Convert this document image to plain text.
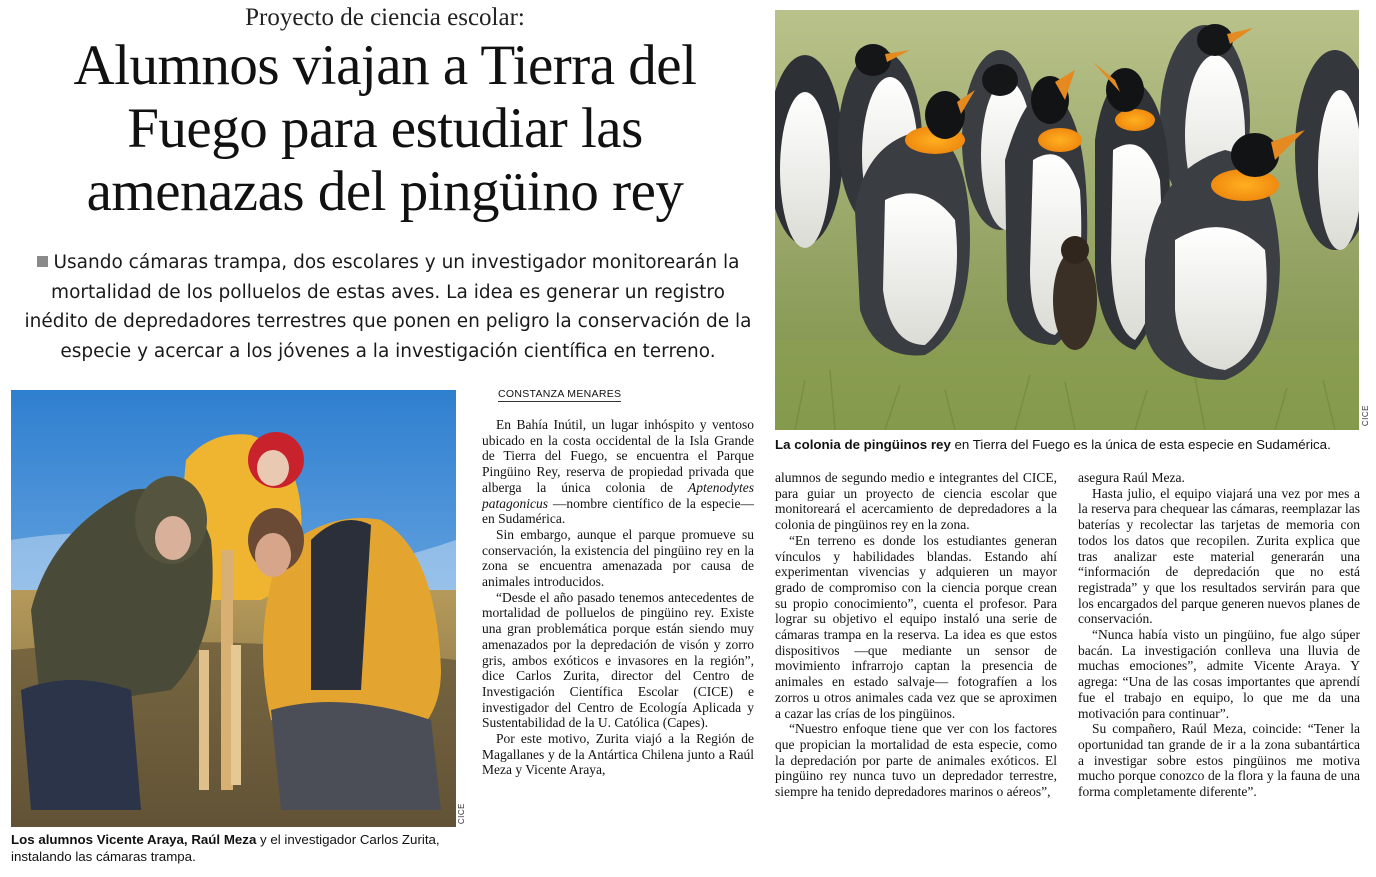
Proyecto de ciencia escolar:
Alumnos viajan a Tierra del Fuego para estudiar las amenazas del pingüino rey
Usando cámaras trampa, dos escolares y un investigador monitorearán la mortalidad de los polluelos de estas aves. La idea es generar un registro inédito de depredadores terrestres que ponen en peligro la conservación de la especie y acercar a los jóvenes a la investigación científica en terreno.
CICE
La colonia de pingüinos rey en Tierra del Fuego es la única de esta especie en Sudamérica.
CICE
Los alumnos Vicente Araya, Raúl Meza y el investigador Carlos Zurita, instalando las cámaras trampa.
CONSTANZA MENARES

En Bahía Inútil, un lugar inhóspito y ventoso ubicado en la costa occidental de la Isla Grande de Tierra del Fuego, se encuentra el Parque Pingüino Rey, reserva de propiedad privada que alberga la única colonia de Aptenodytes patagonicus —nombre científico de la especie— en Sudamérica.

Sin embargo, aunque el parque promueve su conservación, la existencia del pingüino rey en la zona se encuentra amenazada por causa de animales introducidos.

“Desde el año pasado tenemos antecedentes de mortalidad de polluelos de pingüino rey. Existe una gran problemática porque están siendo muy amenazados por la depredación de visón y zorro gris, ambos exóticos e invasores en la región”, dice Carlos Zurita, director del Centro de Investigación Científica Escolar (CICE) e investigador del Centro de Ecología Aplicada y Sustentabilidad de la U. Católica (Capes).

Por este motivo, Zurita viajó a la Región de Magallanes y de la Antártica Chilena junto a Raúl Meza y Vicente Araya,

alumnos de segundo medio e integrantes del CICE, para guiar un proyecto de ciencia escolar que monitoreará el acercamiento de depredadores a la colonia de pingüinos rey en la zona.

“En terreno es donde los estudiantes generan vínculos y habilidades blandas. Estando ahí experimentan vivencias y adquieren un mayor grado de compromiso con la ciencia porque crean su propio conocimiento”, cuenta el profesor. Para lograr su objetivo el equipo instaló una serie de cámaras trampa en la reserva. La idea es que estos dispositivos —que mediante un sensor de movimiento infrarrojo captan la presencia de animales en estado salvaje— fotografíen a los zorros u otros animales cada vez que se aproximen a cazar las crías de los pingüinos.

“Nuestro enfoque tiene que ver con los factores que propician la mortalidad de esta especie, como la depredación por parte de animales exóticos. El pingüino rey nunca tuvo un depredador terrestre, siempre ha tenido depredadores marinos o aéreos”,

asegura Raúl Meza.

Hasta julio, el equipo viajará una vez por mes a la reserva para chequear las cámaras, reemplazar las baterías y recolectar las tarjetas de memoria con todos los datos que recopilen. Zurita explica que tras analizar este material generarán una “información de depredación que no está registrada” y que los resultados servirán para que los encargados del parque generen nuevos planes de conservación.

“Nunca había visto un pingüino, fue algo súper bacán. La investigación conlleva una lluvia de muchas emociones”, admite Vicente Araya. Y agrega: “Una de las cosas importantes que aprendí fue el trabajo en equipo, lo que me da una motivación para continuar”.

Su compañero, Raúl Meza, coincide: “Tener la oportunidad tan grande de ir a la zona subantártica a investigar sobre estos pingüinos me motiva mucho porque conozco de la flora y la fauna de una forma completamente diferente”.
